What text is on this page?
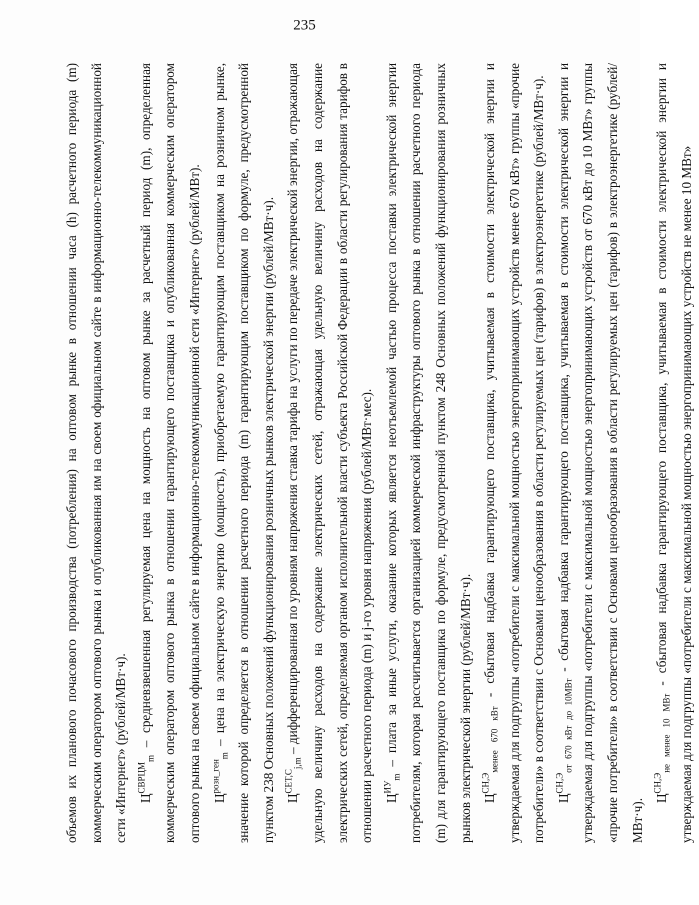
235

объемов их планового почасового производства (потребления) на оптовом рынке в отношении часа (h) расчетного периода (m) коммерческим оператором оптового рынка и опубликованная им на своем официальном сайте в информационно-телекоммуникационной сети «Интернет» (рублей/МВт·ч). $Ц^{СВРЦМ}_m$ – средневзвешенная регулируемая цена на мощность на оптовом рынке за расчетный период (m), определенная коммерческим оператором оптового рынка в отношении гарантирующего поставщика и опубликованная коммерческим оператором оптового рынка на своем официальном сайте в информационно-телекоммуникационной сети «Интернет» (рублей/МВт). $Ц^{розн\_ген}_m$ – цена на электрическую энергию (мощность), приобретаемую гарантирующим поставщиком на розничном рынке, значение которой определяется в отношении расчетного периода (m) гарантирующим поставщиком по формуле, предусмотренной пунктом 238 Основных положений функционирования розничных рынков электрической энергии (рублей/МВт·ч). $Ц^{СЕТ,С}_{j,m}$ – дифференцированная по уровням напряжения ставка тарифа на услуги по передаче электрической энергии, отражающая удельную величину расходов на содержание электрических сетей, отражающая удельную величину расходов на содержание электрических сетей, определяемая органом исполнительной власти субъекта Российской Федерации в области регулирования тарифов в отношении расчетного периода (m) и j-го уровня напряжения (рублей/МВт·мес). $Ц^{ИУ}_m$ – плата за иные услуги, оказание которых является неотъемлемой частью процесса поставки электрической энергии потребителям, которая рассчитывается организацией коммерческой инфраструктуры оптового рынка в отношении расчетного периода (m) для гарантирующего поставщика по формуле, предусмотренной пунктом 248 Основных положений функционирования розничных рынков электрической энергии (рублей/МВт·ч). $Ц^{СН,Э}_{менее 670 кВт}$ - сбытовая надбавка гарантирующего поставщика, учитываемая в стоимости электрической энергии и утверждаемая для подгруппы «потребители с максимальной мощностью энергопринимающих устройств менее 670 кВт» группы «прочие потребители» в соответствии с Основами ценообразования в области регулируемых цен (тарифов) в электроэнергетике (рублей/МВт·ч). $Ц^{СН,Э}_{от 670 кВт до 10МВт}$ - сбытовая надбавка гарантирующего поставщика, учитываемая в стоимости электрической энергии и утверждаемая для подгруппы «потребители с максимальной мощностью энергопринимающих устройств от 670 кВт до 10 МВт» группы «прочие потребители» в соответствии с Основами ценообразования в области регулируемых цен (тарифов) в электроэнергетике (рублей/МВт·ч). $Ц^{СН,Э}_{не менее 10 МВт}$ - сбытовая надбавка гарантирующего поставщика, учитываемая в стоимости электрической энергии и утверждаемая для подгруппы «потребители с максимальной мощностью энергопринимающих устройств не менее 10 МВт»
